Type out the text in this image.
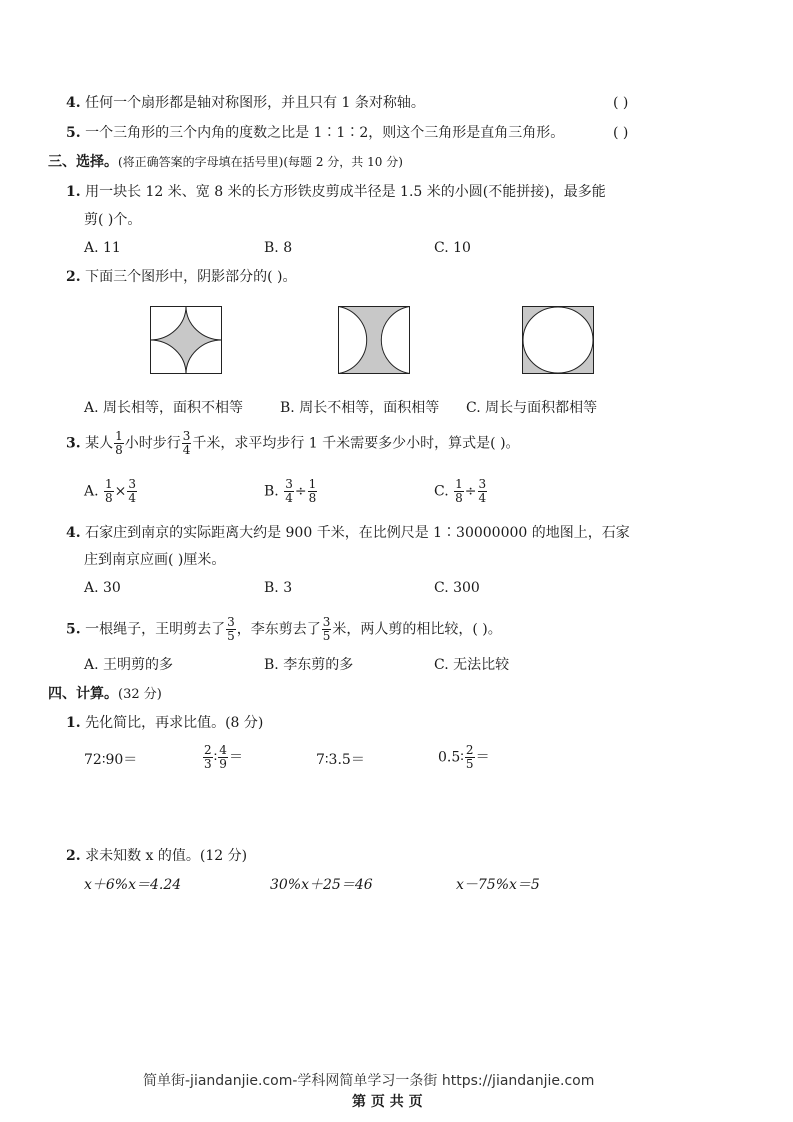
4. 任何一个扇形都是轴对称图形，并且只有 1 条对称轴。	( )
5. 一个三角形的三个内角的度数之比是 1∶1∶2，则这个三角形是直角三角形。	( )
三、选择。(将正确答案的字母填在括号里)(每题 2 分，共 10 分)
1. 用一块长 12 米、宽 8 米的长方形铁皮剪成半径是 1.5 米的小圆(不能拼接)，最多能
剪( )个。
A. 11	B. 8	C. 10
2. 下面三个图形中，阴影部分的( )。
A. 周长相等，面积不相等	B. 周长不相等，面积相等 C. 周长与面积都相等
3. 某人 $\frac{1}{8}$ 小时步行 $\frac{3}{4}$ 千米，求平均步行 1 千米需要多少小时，算式是( )。
A. $\frac{1}{8} \times \frac{3}{4}$	B. $\frac{3}{4} \div \frac{1}{8}$	C. $\frac{1}{8} \div \frac{3}{4}$
4. 石家庄到南京的实际距离大约是 900 千米，在比例尺是 1∶30000000 的地图上，石家
庄到南京应画( )厘米。
A. 30	B. 3	C. 300
5. 一根绳子，王明剪去了 $\frac{3}{5}$ ，李东剪去了 $\frac{3}{5}$ 米，两人剪的相比较，( )。
A. 王明剪的多	B. 李东剪的多	C. 无法比较
四、计算。(32 分)
1. 先化简比，再求比值。(8 分)
72∶90＝	$\frac{2}{3}$ ∶ $\frac{4}{9}$ ＝	7∶3.5＝	0.5∶ $\frac{2}{5}$ ＝
2. 求未知数 x 的值。(12 分)
x＋6%x＝4.24	30%x＋25＝46	x－75%x＝5
简单街-jiandanjie.com-学科网简单学习一条街 https://jiandanjie.com
第 页 共 页
